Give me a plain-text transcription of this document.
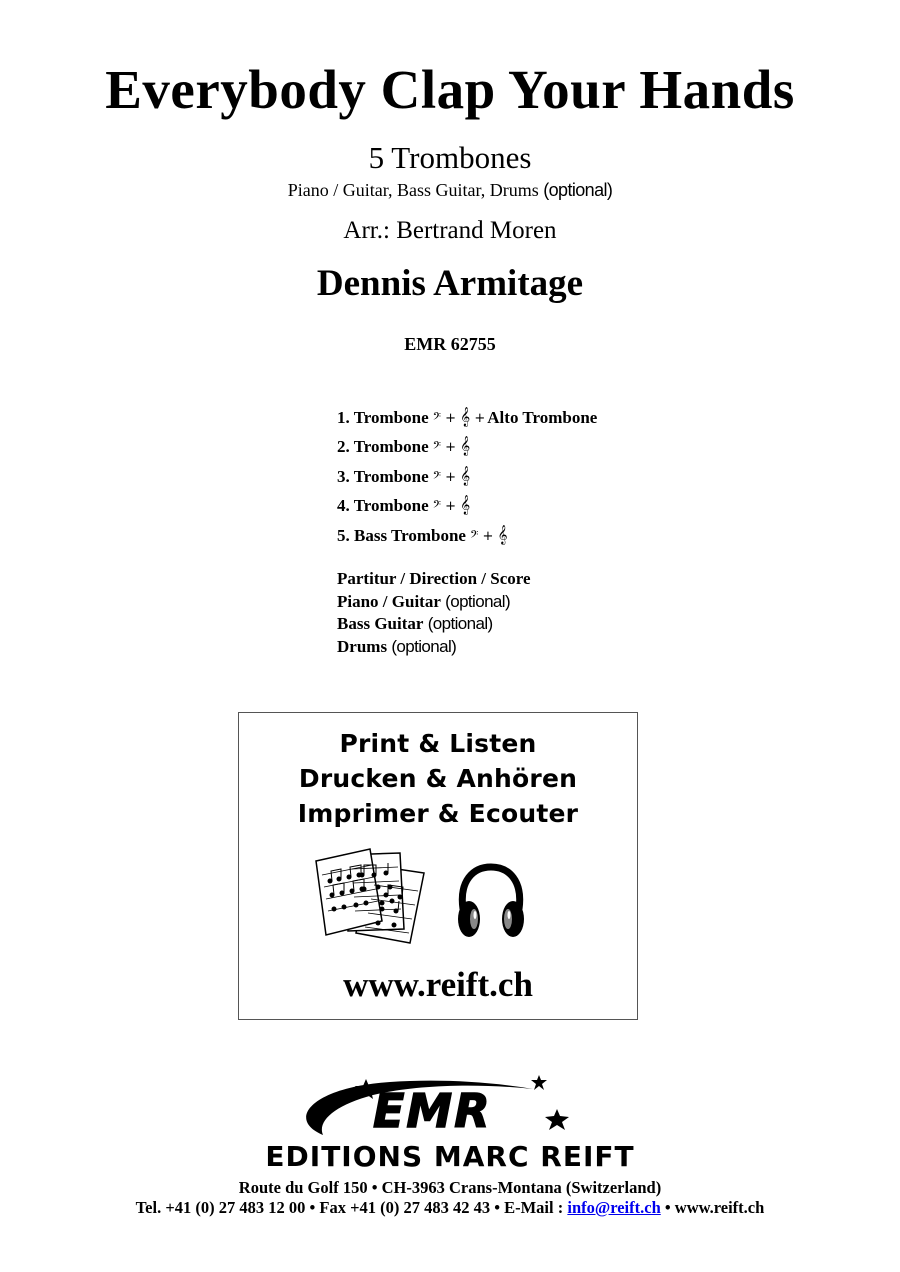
Everybody Clap Your Hands
5 Trombones
Piano / Guitar, Bass Guitar, Drums (optional)
Arr.: Bertrand Moren
Dennis Armitage
EMR 62755
1. Trombone 𝄢 + 𝄞 + Alto Trombone
2. Trombone 𝄢 + 𝄞
3. Trombone 𝄢 + 𝄞
4. Trombone 𝄢 + 𝄞
5. Bass Trombone 𝄢 + 𝄞
Partitur / Direction / Score
Piano / Guitar (optional)
Bass Guitar (optional)
Drums (optional)
Print & Listen
Drucken & Anhören
Imprimer & Ecouter
www.reift.ch
EMR
EDITIONS MARC REIFT
Route du Golf 150 • CH-3963 Crans-Montana (Switzerland)
Tel. +41 (0) 27 483 12 00 • Fax +41 (0) 27 483 42 43 • E-Mail : info@reift.ch • www.reift.ch
